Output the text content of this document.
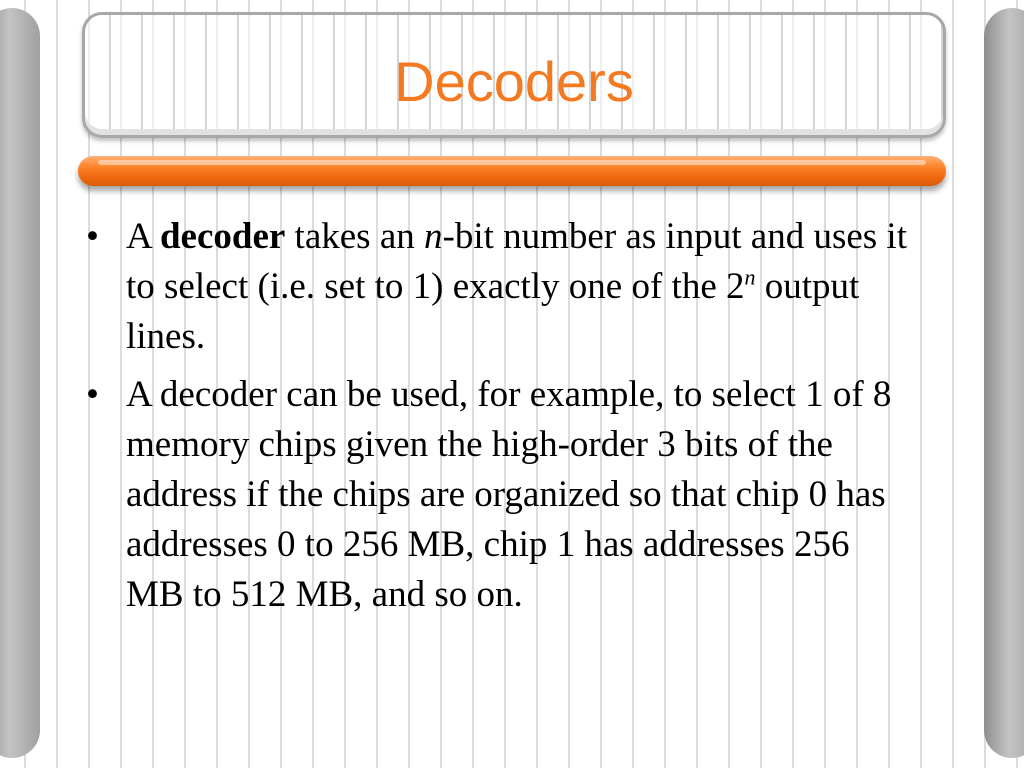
Decoders
• A decoder takes an n-bit number as input and uses it to select (i.e. set to 1) exactly one of the 2$^n$ output lines.
• A decoder can be used, for example, to select 1 of 8 memory chips given the high-order 3 bits of the address if the chips are organized so that chip 0 has addresses 0 to 256 MB, chip 1 has addresses 256 MB to 512 MB, and so on.
